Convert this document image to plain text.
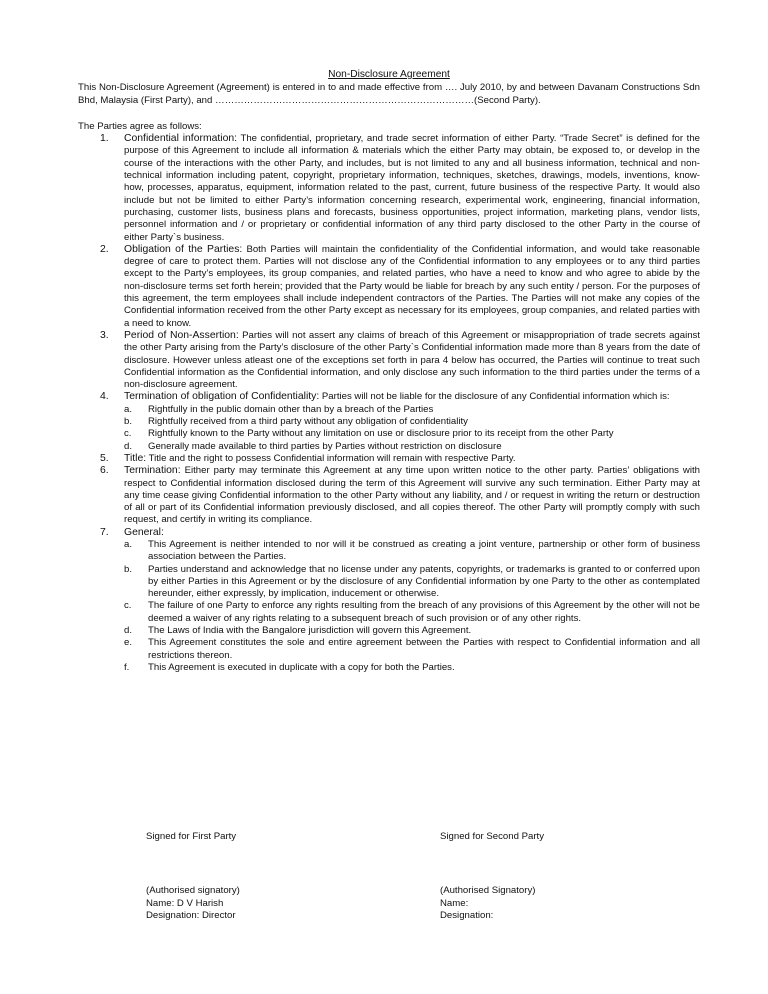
Non-Disclosure Agreement

This Non-Disclosure Agreement (Agreement) is entered in to and made effective from …. July 2010, by and between Davanam Constructions Sdn Bhd, Malaysia (First Party), and ………………………………………………………………………(Second Party).

The Parties agree as follows:

1. Confidential information: The confidential, proprietary, and trade secret information of either Party. “Trade Secret” is defined for the purpose of this Agreement to include all information & materials which the either Party may obtain, be exposed to, or develop in the course of the interactions with the other Party, and includes, but is not limited to any and all business information, technical and non-technical information including patent, copyright, proprietary information, techniques, sketches, drawings, models, inventions, know-how, processes, apparatus, equipment, information related to the past, current, future business of the respective Party. It would also include but not be limited to either Party’s information concerning research, experimental work, engineering, financial information, purchasing, customer lists, business plans and forecasts, business opportunities, project information, marketing plans, vendor lists, personnel information and / or proprietary or confidential information of any third party disclosed to the other Party in the course of either Party`s business.
2. Obligation of the Parties: Both Parties will maintain the confidentiality of the Confidential information, and would take reasonable degree of care to protect them. Parties will not disclose any of the Confidential information to any employees or to any third parties except to the Party’s employees, its group companies, and related parties, who have a need to know and who agree to abide by the non-disclosure terms set forth herein; provided that the Party would be liable for breach by any such entity / person. For the purposes of this agreement, the term employees shall include independent contractors of the Parties. The Parties will not make any copies of the Confidential information received from the other Party except as necessary for its employees, group companies, and related parties with a need to know.
3. Period of Non-Assertion: Parties will not assert any claims of breach of this Agreement or misappropriation of trade secrets against the other Party arising from the Party’s disclosure of the other Party`s Confidential information made more than 8 years from the date of disclosure. However unless atleast one of the exceptions set forth in para 4 below has occurred, the Parties will continue to treat such Confidential information as the Confidential information, and only disclose any such information to the third parties under the terms of a non-disclosure agreement.
4. Termination of obligation of Confidentiality: Parties will not be liable for the disclosure of any Confidential information which is:
a. Rightfully in the public domain other than by a breach of the Parties
b. Rightfully received from a third party without any obligation of confidentiality
c. Rightfully known to the Party without any limitation on use or disclosure prior to its receipt from the other Party
d. Generally made available to third parties by Parties without restriction on disclosure
5. Title: Title and the right to possess Confidential information will remain with respective Party.
6. Termination: Either party may terminate this Agreement at any time upon written notice to the other party. Parties’ obligations with respect to Confidential information disclosed during the term of this Agreement will survive any such termination. Either Party may at any time cease giving Confidential information to the other Party without any liability, and / or request in writing the return or destruction of all or part of its Confidential information previously disclosed, and all copies thereof. The other Party will promptly comply with such request, and certify in writing its compliance.
7. General:
a. This Agreement is neither intended to nor will it be construed as creating a joint venture, partnership or other form of business association between the Parties.
b. Parties understand and acknowledge that no license under any patents, copyrights, or trademarks is granted to or conferred upon by either Parties in this Agreement or by the disclosure of any Confidential information by one Party to the other as contemplated hereunder, either expressly, by implication, inducement or otherwise.
c. The failure of one Party to enforce any rights resulting from the breach of any provisions of this Agreement by the other will not be deemed a waiver of any rights relating to a subsequent breach of such provision or of any other rights.
d. The Laws of India with the Bangalore jurisdiction will govern this Agreement.
e. This Agreement constitutes the sole and entire agreement between the Parties with respect to Confidential information and all restrictions thereon.
f. This Agreement is executed in duplicate with a copy for both the Parties.

Signed for First Party

(Authorised signatory)
Name: D V Harish
Designation: Director

Signed for Second Party

(Authorised Signatory)
Name:
Designation:
